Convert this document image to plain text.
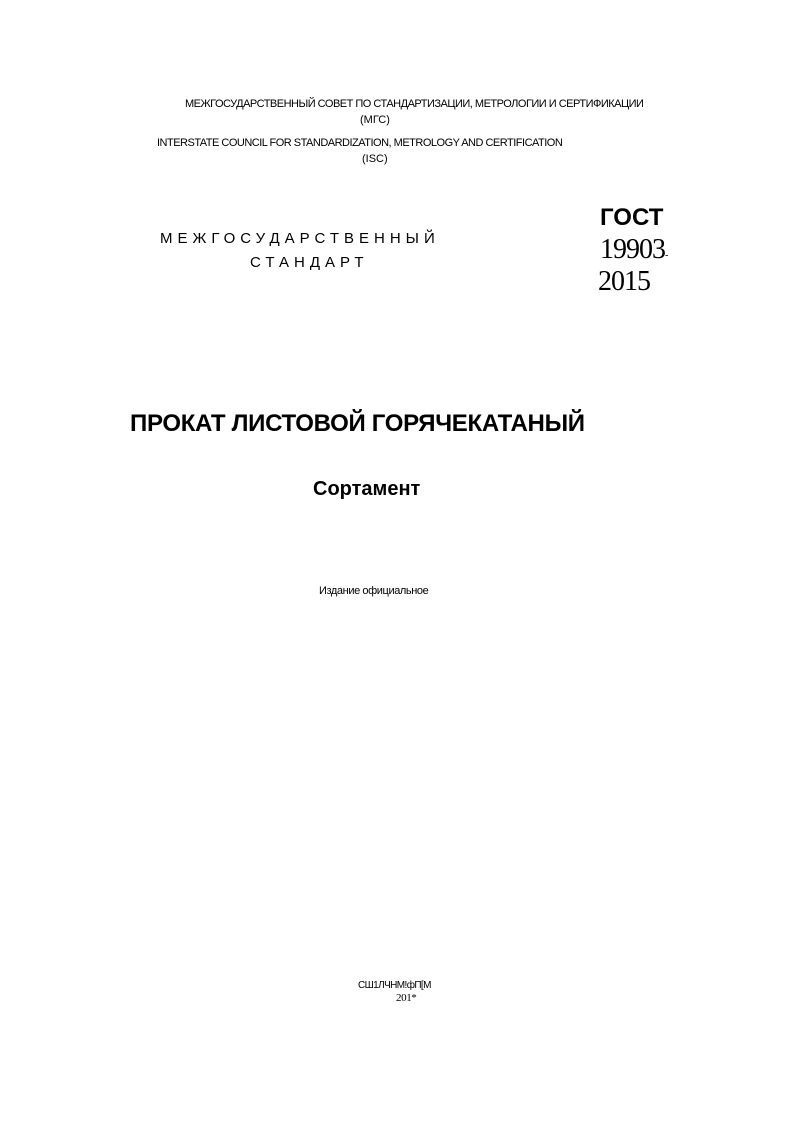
МЕЖГОСУДАРСТВЕННЫЙ СОВЕТ ПО СТАНДАРТИЗАЦИИ, МЕТРОЛОГИИ И СЕРТИФИКАЦИИ
(МГС)
INTERSTATE COUNCIL FOR STANDARDIZATION, METROLOGY AND CERTIFICATION
(ISC)
МЕЖГОСУДАРСТВЕННЫЙ
СТАНДАРТ
ГОСТ
19903-
2015
ПРОКАТ ЛИСТОВОЙ ГОРЯЧЕКАТАНЫЙ
Сортамент
Издание официальное
СШ1ЛЧНМ!фП[М
201*
